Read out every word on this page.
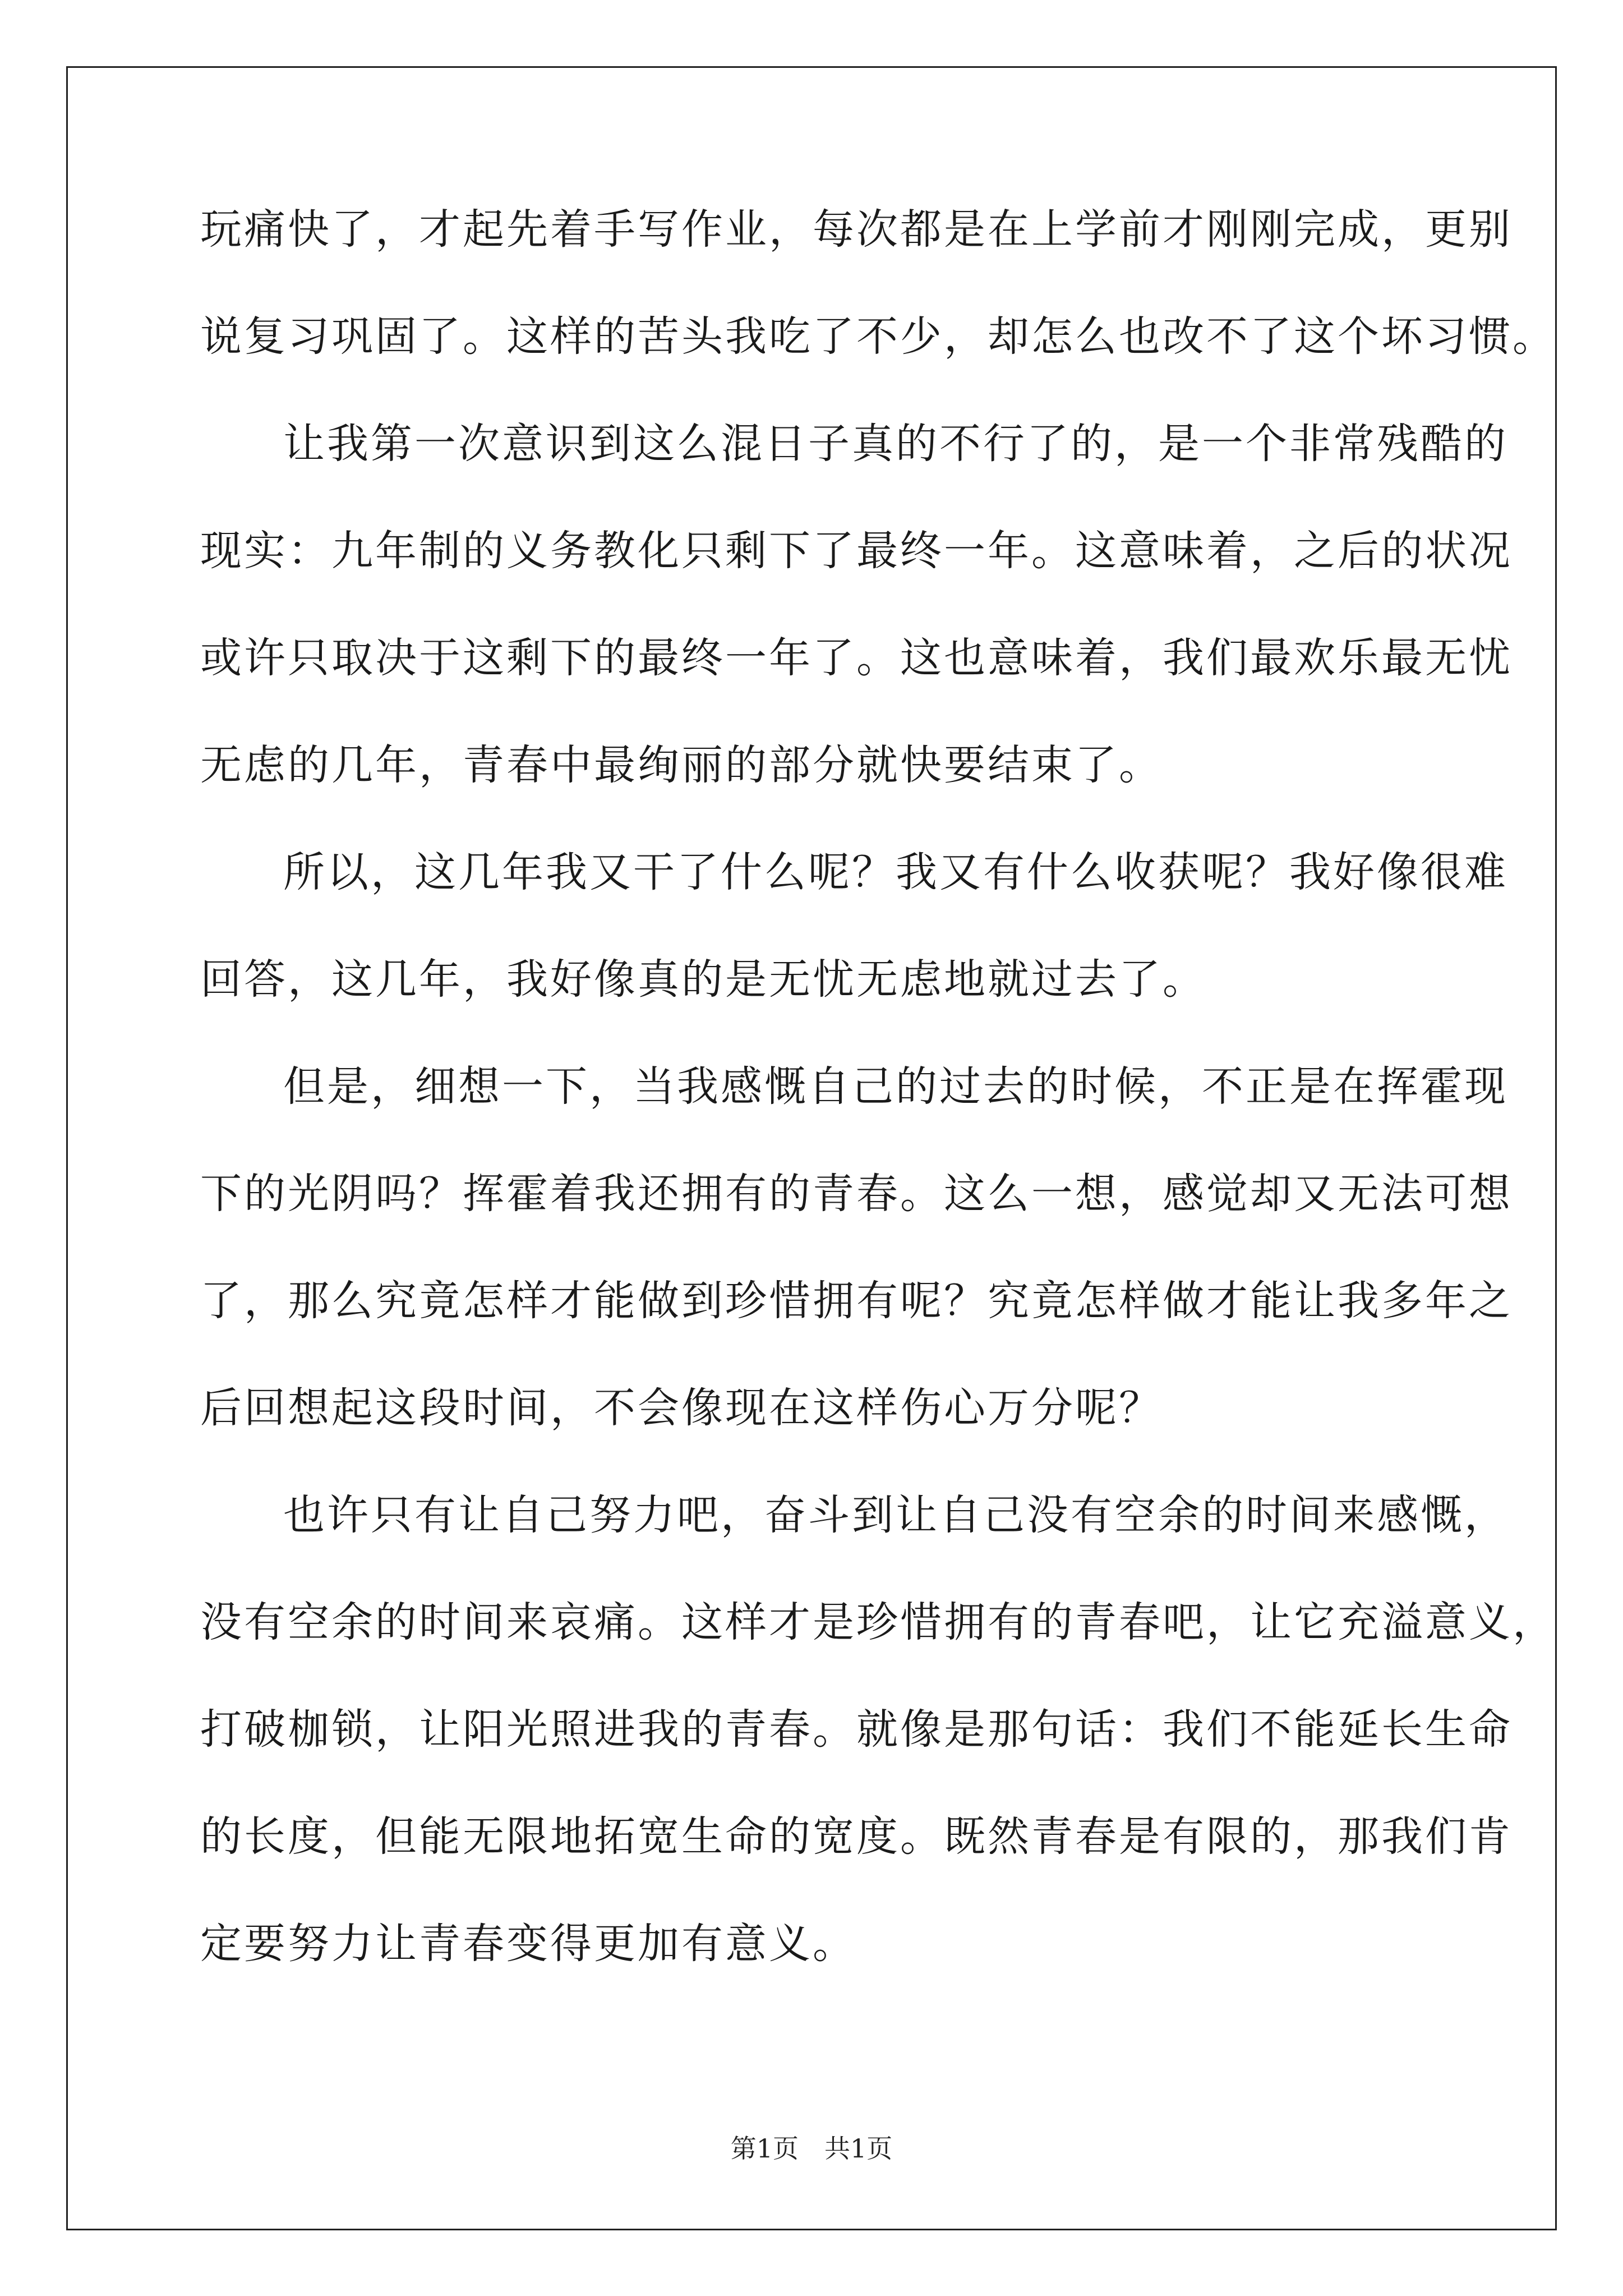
玩痛快了，才起先着手写作业，每次都是在上学前才刚刚完成，更别
说复习巩固了。这样的苦头我吃了不少，却怎么也改不了这个坏习惯。
让我第一次意识到这么混日子真的不行了的，是一个非常残酷的
现实：九年制的义务教化只剩下了最终一年。这意味着，之后的状况
或许只取决于这剩下的最终一年了。这也意味着，我们最欢乐最无忧
无虑的几年，青春中最绚丽的部分就快要结束了。
所以，这几年我又干了什么呢？我又有什么收获呢？我好像很难
回答，这几年，我好像真的是无忧无虑地就过去了。
但是，细想一下，当我感慨自己的过去的时候，不正是在挥霍现
下的光阴吗？挥霍着我还拥有的青春。这么一想，感觉却又无法可想
了，那么究竟怎样才能做到珍惜拥有呢？究竟怎样做才能让我多年之
后回想起这段时间，不会像现在这样伤心万分呢？
也许只有让自己努力吧，奋斗到让自己没有空余的时间来感慨，
没有空余的时间来哀痛。这样才是珍惜拥有的青春吧，让它充溢意义，
打破枷锁，让阳光照进我的青春。就像是那句话：我们不能延长生命
的长度，但能无限地拓宽生命的宽度。既然青春是有限的，那我们肯
定要努力让青春变得更加有意义。
第1页　共1页
